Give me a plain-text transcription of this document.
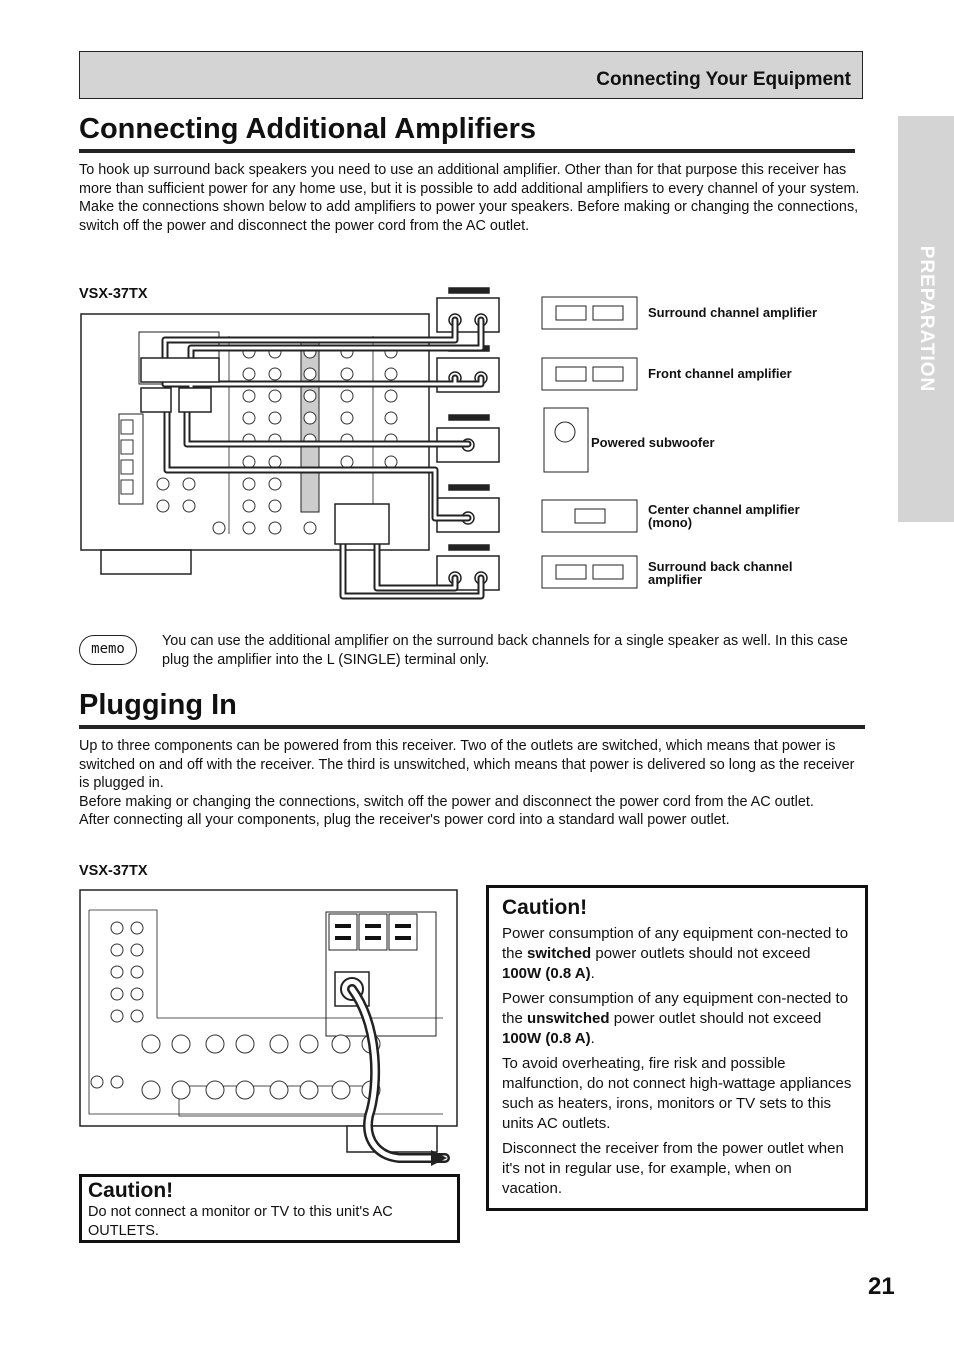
Connecting Your Equipment
PREPARATION
Connecting Additional Amplifiers

To hook up surround back speakers you need to use an additional amplifier. Other than for that purpose this receiver has more than sufficient power for any home use, but it is possible to add additional amplifiers to every channel of your system. Make the connections shown below to add amplifiers to power your speakers. Before making or changing the connections, switch off the power and disconnect the power cord from the AC outlet.

VSX-37TX
Surround channel amplifier
Front channel amplifier
Powered subwoofer
Center channel amplifier
(mono)
Surround back channel
amplifier
memo	You can use the additional amplifier on the surround back channels for a single speaker as well. In this case plug the amplifier into the L (SINGLE) terminal only.

Plugging In

Up to three components can be powered from this receiver. Two of the outlets are switched, which means that power is switched on and off with the receiver. The third is unswitched, which means that power is delivered so long as the receiver is plugged in.

Before making or changing the connections, switch off the power and disconnect the power cord from the AC outlet.

After connecting all your components, plug the receiver's power cord into a standard wall power outlet.

VSX-37TX
Caution!

Do not connect a monitor or TV to this unit's AC OUTLETS.

Caution!

Power consumption of any equipment con-nected to the switched power outlets should not exceed 100W (0.8 A).

Power consumption of any equipment con-nected to the unswitched power outlet should not exceed 100W (0.8 A).

To avoid overheating, fire risk and possible malfunction, do not connect high-wattage appliances such as heaters, irons, monitors or TV sets to this units AC outlets.

Disconnect the receiver from the power outlet when it's not in regular use, for example, when on vacation.

21
